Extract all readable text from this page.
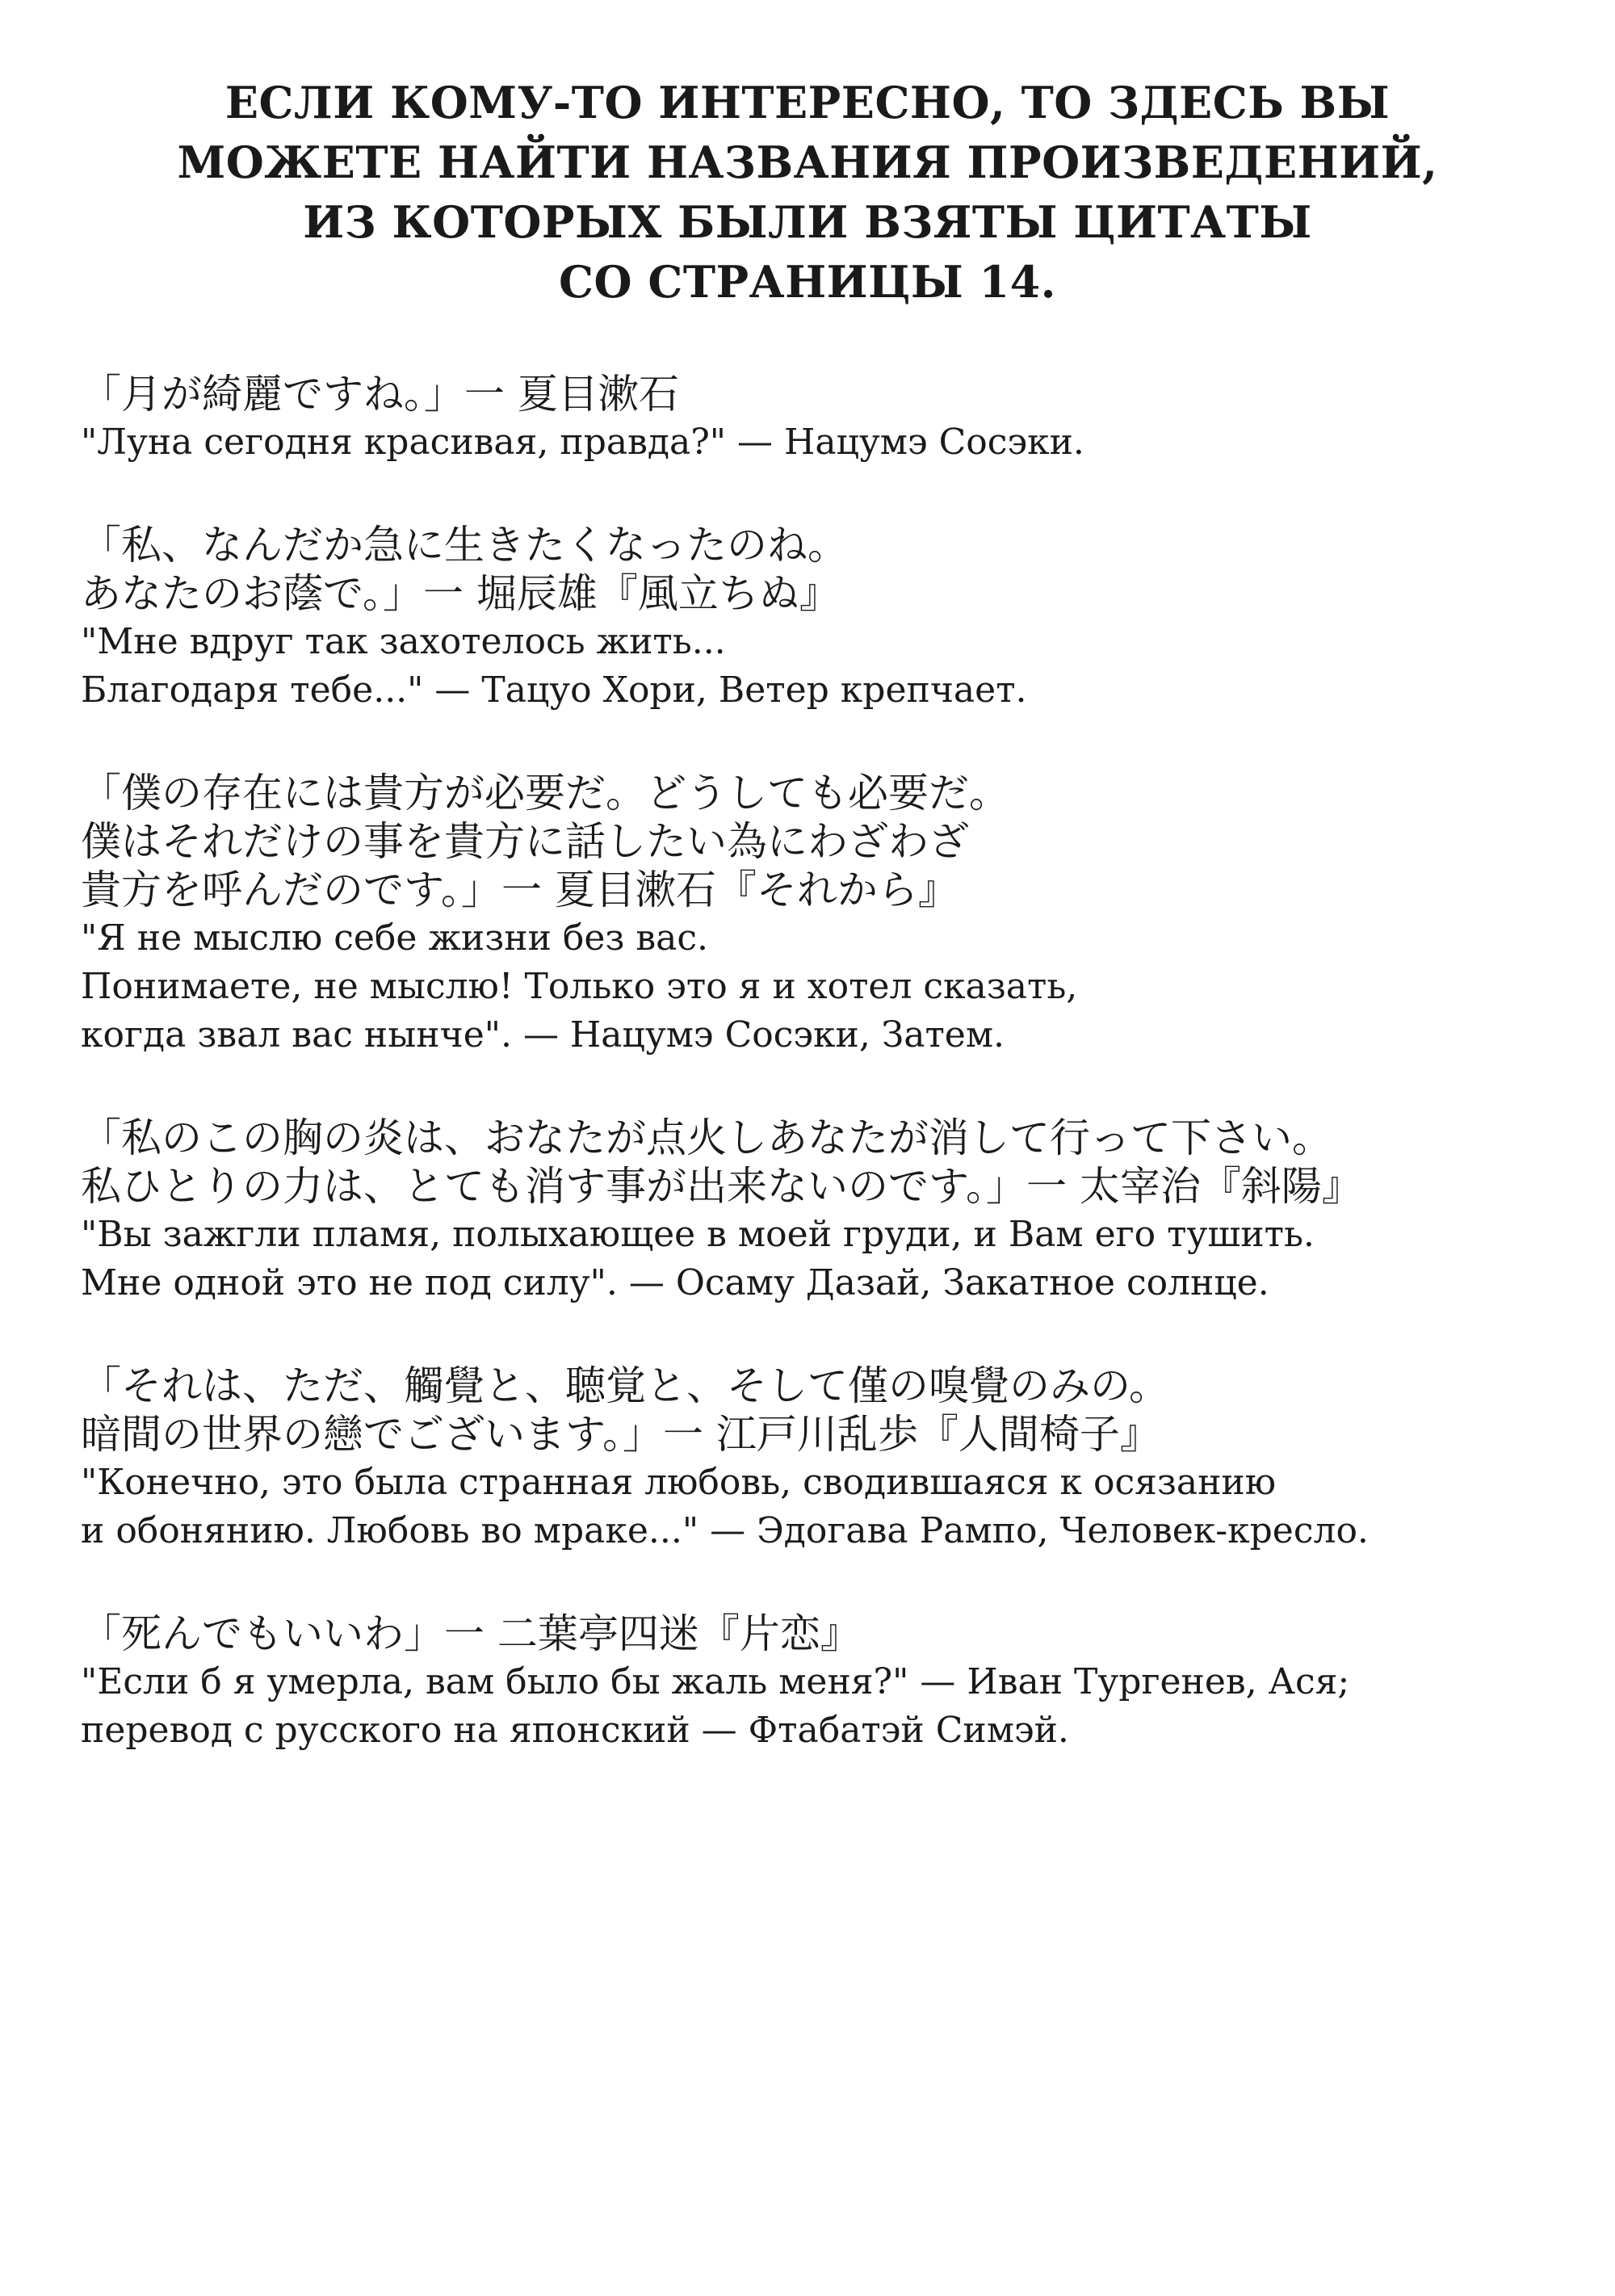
ЕСЛИ КОМУ-ТО ИНТЕРЕСНО, ТО ЗДЕСЬ ВЫ
МОЖЕТЕ НАЙТИ НАЗВАНИЯ ПРОИЗВЕДЕНИЙ,
ИЗ КОТОРЫХ БЫЛИ ВЗЯТЫ ЦИТАТЫ
СО СТРАНИЦЫ 14.
「月が綺麗ですね。」一 夏目漱石
"Луна сегодня красивая, правда?" — Нацумэ Сосэки.
「私、なんだか急に生きたくなったのね。
あなたのお蔭で。」一 堀辰雄『風立ちぬ』
"Мне вдруг так захотелось жить...
Благодаря тебе..." — Тацуо Хори, Ветер крепчает.
「僕の存在には貴方が必要だ。どうしても必要だ。
僕はそれだけの事を貴方に話したい為にわざわざ
貴方を呼んだのです。」一 夏目漱石『それから』
"Я не мыслю себе жизни без вас.
Понимаете, не мыслю! Только это я и хотел сказать,
когда звал вас нынче". — Нацумэ Сосэки, Затем.
「私のこの胸の炎は、おなたが点火しあなたが消して行って下さい。
私ひとりの力は、とても消す事が出来ないのです。」一 太宰治『斜陽』
"Вы зажгли пламя, полыхающее в моей груди, и Вам его тушить.
Мне одной это не под силу". — Осаму Дазай, Закатное солнце.
「それは、ただ、觸覺と、聴覚と、そして僅の嗅覺のみの。
暗間の世界の戀でございます。」一 江戸川乱歩『人間椅子』
"Конечно, это была странная любовь, сводившаяся к осязанию
и обонянию. Любовь во мраке..." — Эдогава Рампо, Человек-кресло.
「死んでもいいわ」一 二葉亭四迷『片恋』
"Если б я умерла, вам было бы жаль меня?" — Иван Тургенев, Ася;
перевод с русского на японский — Фтабатэй Симэй.
